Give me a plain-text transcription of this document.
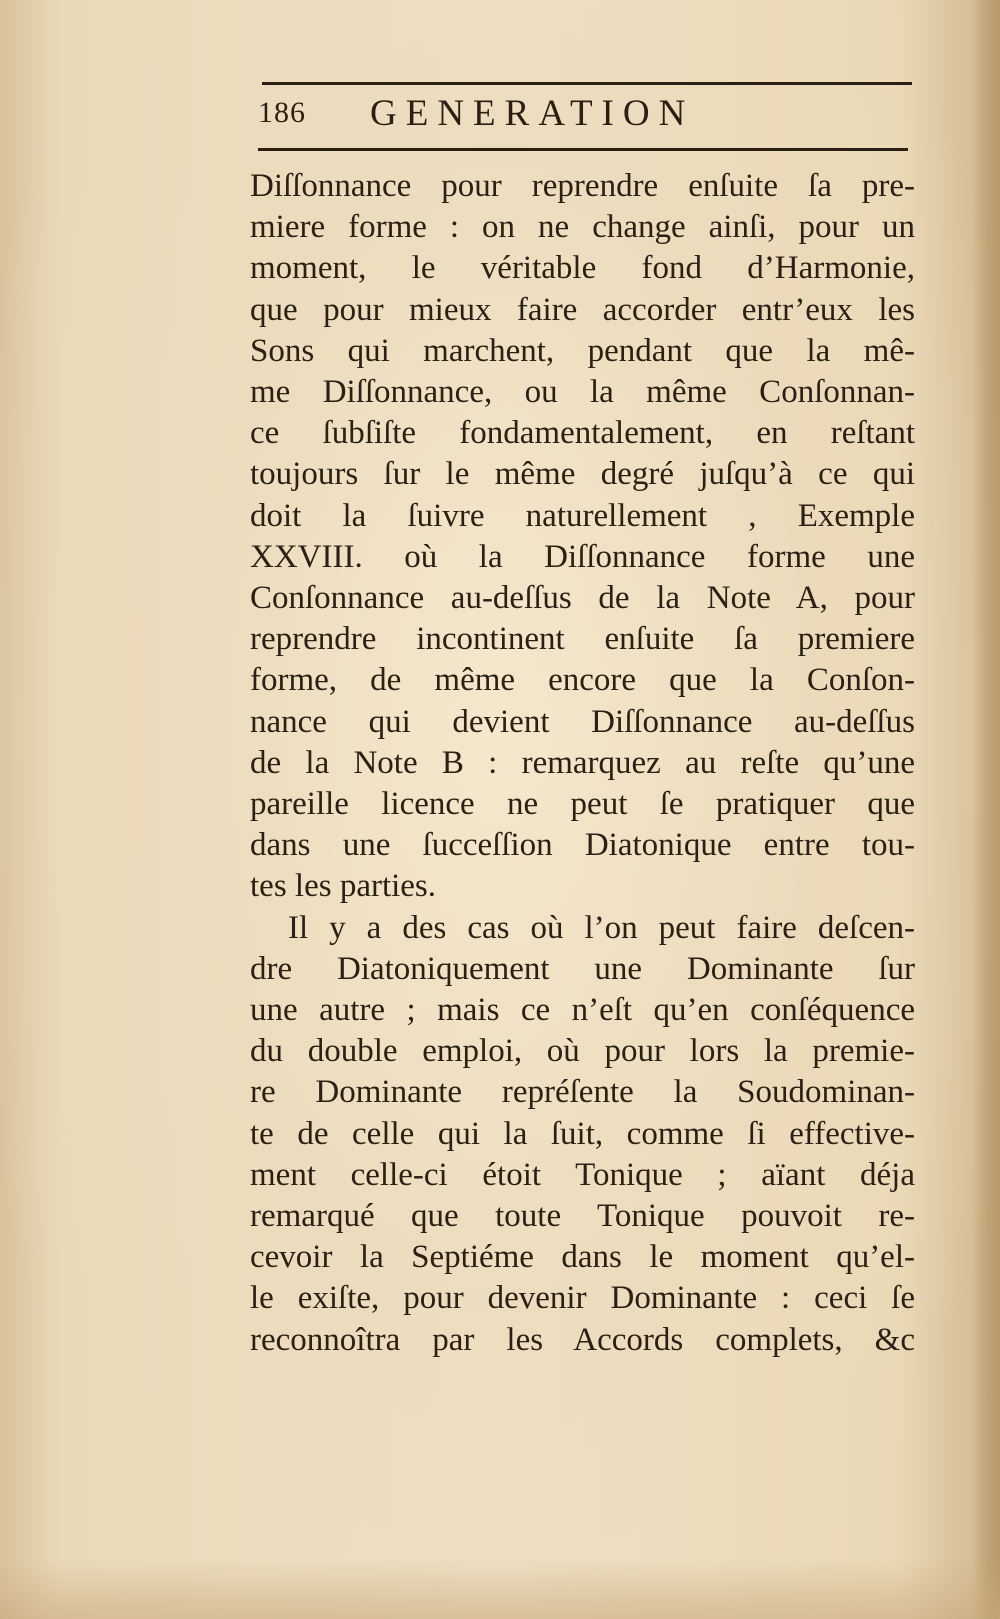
186 GENERATION
Diſſonnance pour reprendre enſuite ſa pre-
miere forme : on ne change ainſi, pour un
moment, le véritable fond d’Harmonie,
que pour mieux faire accorder entr’eux les
Sons qui marchent, pendant que la mê-
me Diſſonnance, ou la même Conſonnan-
ce ſubſiſte fondamentalement, en reſtant
toujours ſur le même degré juſqu’à ce qui
doit la ſuivre naturellement , Exemple
XXVIII. où la Diſſonnance forme une
Conſonnance au-deſſus de la Note A, pour
reprendre incontinent enſuite ſa premiere
forme, de même encore que la Conſon-
nance qui devient Diſſonnance au-deſſus
de la Note B : remarquez au reſte qu’une
pareille licence ne peut ſe pratiquer que
dans une ſucceſſion Diatonique entre tou-
tes les parties.
Il y a des cas où l’on peut faire deſcen-
dre Diatoniquement une Dominante ſur
une autre ; mais ce n’eſt qu’en conſéquence
du double emploi, où pour lors la premie-
re Dominante repréſente la Soudominan-
te de celle qui la ſuit, comme ſi effectivе-
ment celle-ci étoit Tonique ; aïant déja
remarqué que toute Tonique pouvoit re-
cevoir la Septiéme dans le moment qu’el-
le exiſte, pour devenir Dominante : ceci ſe
reconnoîtra par les Accords complets, &c
